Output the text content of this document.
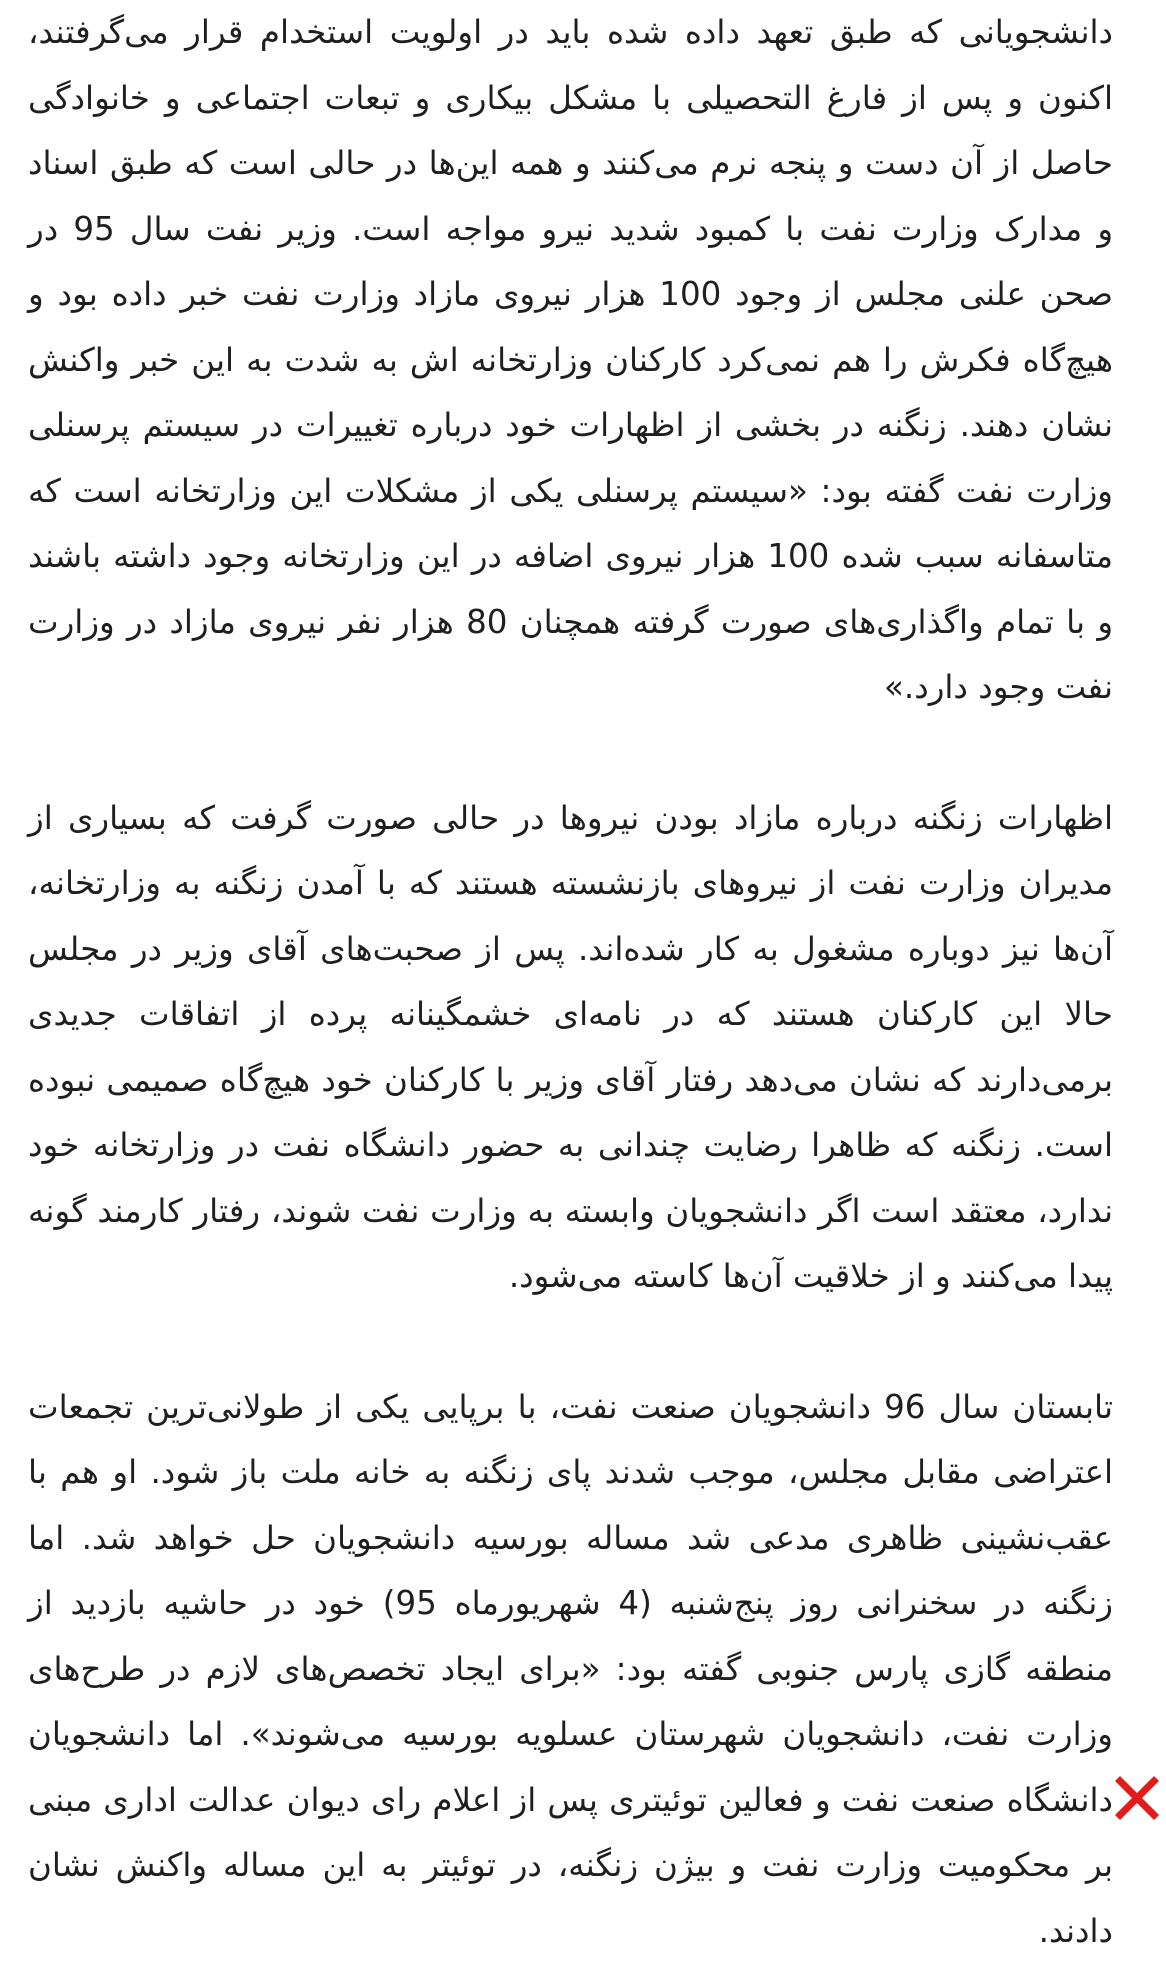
دانشجویانی که طبق تعهد داده شده باید در اولویت استخدام قرار می‌گرفتند، اکنون و پس از فارغ التحصیلی با مشکل بیکاری و تبعات اجتماعی و خانوادگی حاصل از آن دست و پنجه نرم می‌کنند و همه این‌ها در حالی است که طبق اسناد و مدارک وزارت نفت با کمبود شدید نیرو مواجه است. وزیر نفت سال 95 در صحن علنی مجلس از وجود 100 هزار نیروی مازاد وزارت نفت خبر داده بود و هیچ‌گاه فکرش را هم نمی‌کرد کارکنان وزارتخانه اش به شدت به این خبر واکنش نشان دهند. زنگنه در بخشی از اظهارات خود درباره تغییرات در سیستم پرسنلی وزارت نفت گفته بود: «سیستم پرسنلی یکی از مشکلات این وزارتخانه است که متاسفانه سبب شده 100 هزار نیروی اضافه در این وزارتخانه وجود داشته باشند و با تمام واگذاری‌های صورت گرفته همچنان 80 هزار نفر نیروی مازاد در وزارت نفت وجود دارد.»

اظهارات زنگنه درباره مازاد بودن نیروها در حالی صورت گرفت که بسیاری از مدیران وزارت نفت از نیروهای بازنشسته هستند که با آمدن زنگنه به وزارتخانه، آن‌ها نیز دوباره مشغول به کار شده‌اند. پس از صحبت‌های آقای وزیر در مجلس حالا این کارکنان هستند که در نامه‌ای خشمگینانه پرده از اتفاقات جدیدی برمی‌دارند که نشان می‌دهد رفتار آقای وزیر با کارکنان خود هیچ‌گاه صمیمی نبوده است. زنگنه که ظاهرا رضایت چندانی به حضور دانشگاه نفت در وزارتخانه خود ندارد، معتقد است اگر دانشجویان وابسته به وزارت نفت شوند، رفتار کارمند گونه پیدا می‌کنند و از خلاقیت آن‌ها کاسته می‌شود.

تابستان سال 96 دانشجویان صنعت نفت، با برپایی یکی از طولانی‌ترین تجمعات اعتراضی مقابل مجلس، موجب شدند پای زنگنه به خانه ملت باز شود. او هم با عقب‌نشینی ظاهری مدعی شد مساله بورسیه دانشجویان حل خواهد شد. اما زنگنه در سخنرانی روز پنج‌شنبه (4 شهریورماه 95) خود در حاشیه بازدید از منطقه گازی پارس جنوبی گفته بود: «برای ایجاد تخصص‌های لازم در طرح‌های وزارت نفت، دانشجویان شهرستان عسلویه بورسیه می‌شوند». اما دانشجویان دانشگاه صنعت نفت و فعالین توئیتری پس از اعلام رای دیوان عدالت اداری مبنی بر محکومیت وزارت نفت و بیژن زنگنه، در توئیتر به این مساله واکنش نشان دادند.
